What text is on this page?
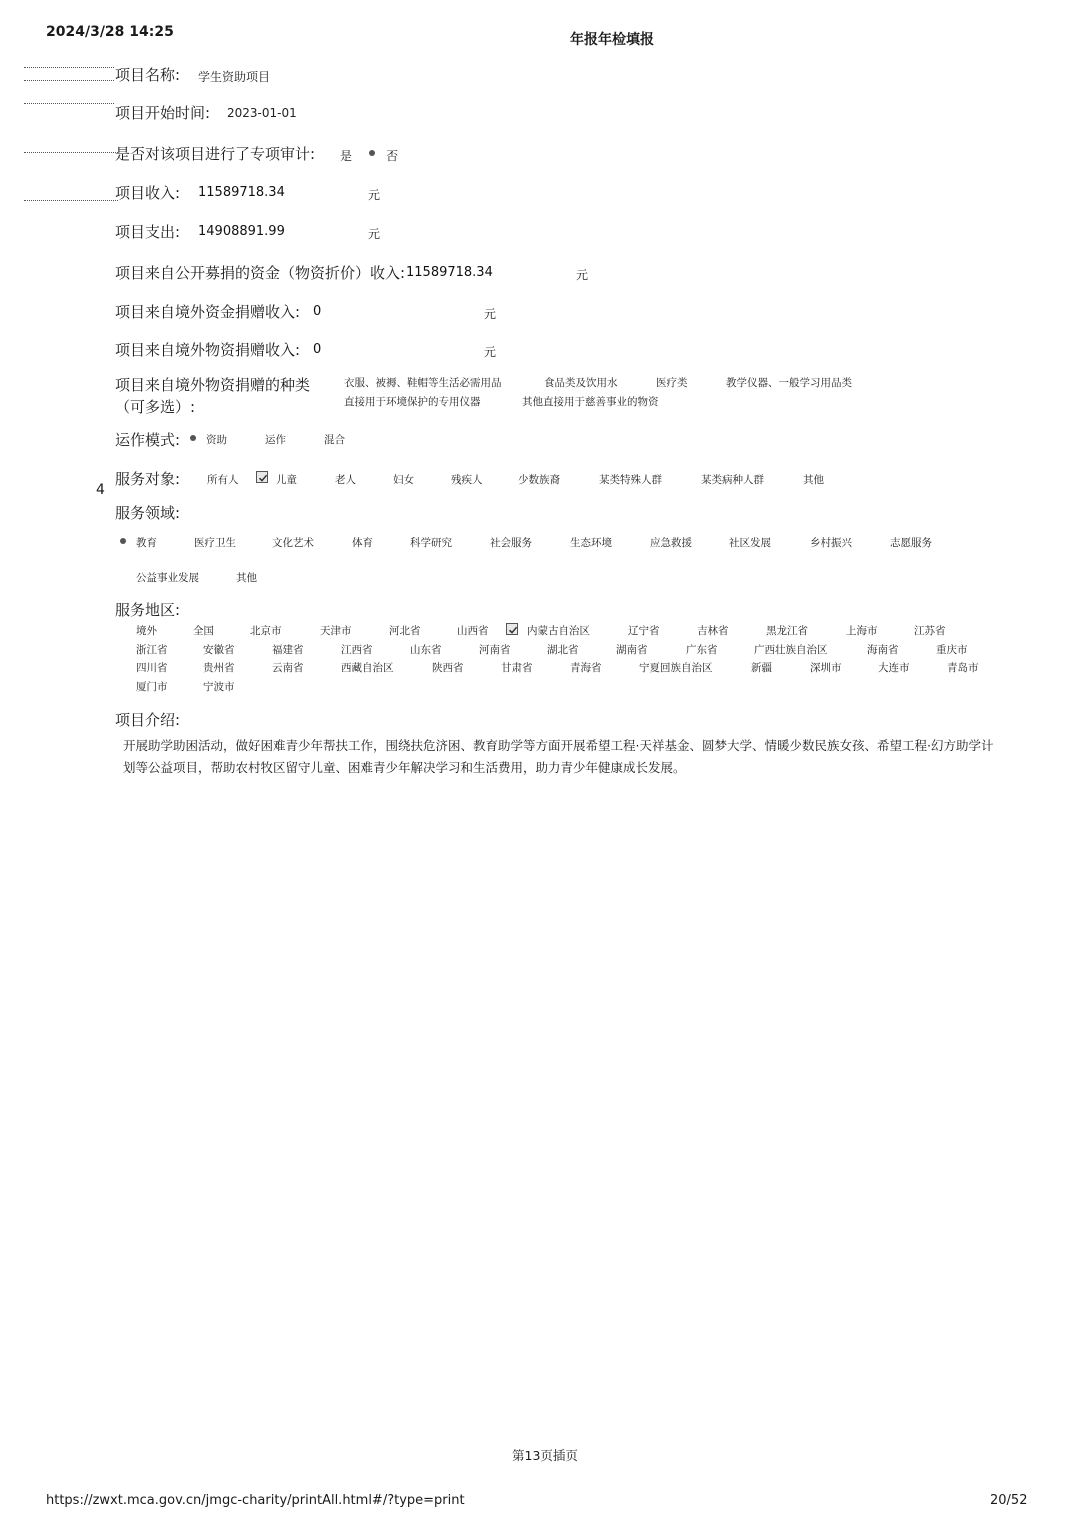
2024/3/28 14:25	年报年检填报
项目名称: 学生资助项目
项目开始时间: 2023-01-01
是否对该项目进行了专项审计: 是	否
项目收入: 11589718.34	元
项目支出: 14908891.99	元
项目来自公开募捐的资金（物资折价）收入: 11589718.34	元
项目来自境外资金捐赠收入: 0	元
项目来自境外物资捐赠收入: 0	元
项目来自境外物资捐赠的种类
（可多选）:
衣服、被褥、鞋帽等生活必需用品	食品类及饮用水	医疗类	教学仪器、一般学习用品类
直接用于环境保护的专用仪器	其他直接用于慈善事业的物资
运作模式: 资助	运作	混合
4
服务对象:	所有人	儿童	老人	妇女	残疾人	少数族裔	某类特殊人群	某类病种人群	其他
服务领域:
教育	医疗卫生	文化艺术	体育	科学研究	社会服务	生态环境	应急救援	社区发展	乡村振兴	志愿服务
公益事业发展	其他
服务地区:
境外	全国	北京市	天津市	河北省	山西省	内蒙古自治区	辽宁省	吉林省	黑龙江省	上海市	江苏省
浙江省	安徽省	福建省	江西省	山东省	河南省	湖北省	湖南省	广东省	广西壮族自治区	海南省	重庆市
四川省	贵州省	云南省	西藏自治区	陕西省	甘肃省	青海省	宁夏回族自治区	新疆	深圳市	大连市	青岛市
厦门市	宁波市
项目介绍:
开展助学助困活动，做好困难青少年帮扶工作，围绕扶危济困、教育助学等方面开展希望工程·天祥基金、圆梦大学、情暖少数民族女孩、希望工程·幻方助学计划等公益项目，帮助农村牧区留守儿童、困难青少年解决学习和生活费用，助力青少年健康成长发展。
第13页插页
https://zwxt.mca.gov.cn/jmgc-charity/printAll.html#/?type=print	20/52
